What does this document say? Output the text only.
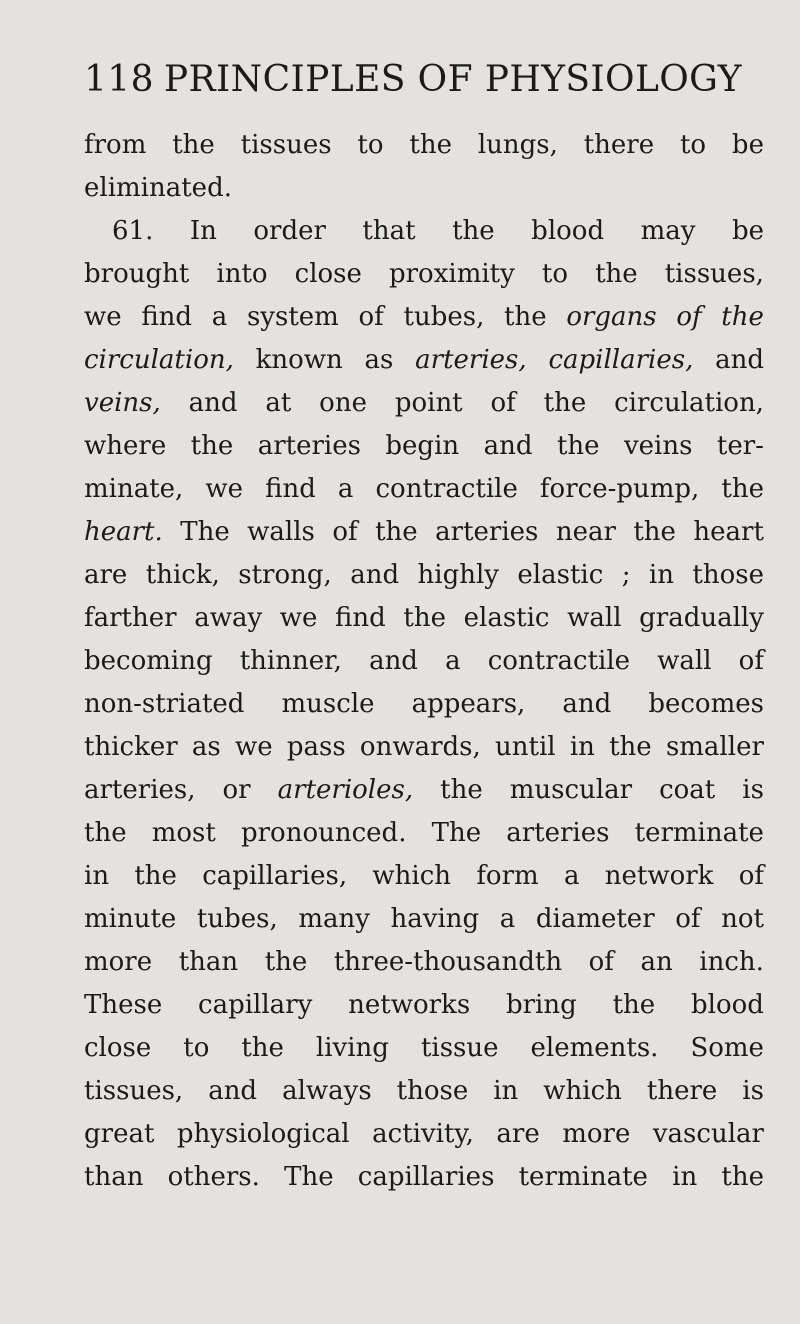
118 PRINCIPLES OF PHYSIOLOGY
from the tissues to the lungs, there to be
eliminated.
61. In order that the blood may be
brought into close proximity to the tissues,
we find a system of tubes, the organs of the
circulation, known as arteries, capillaries, and
veins, and at one point of the circulation,
where the arteries begin and the veins ter-
minate, we find a contractile force-pump, the
heart. The walls of the arteries near the heart
are thick, strong, and highly elastic ; in those
farther away we find the elastic wall gradually
becoming thinner, and a contractile wall of
non-striated muscle appears, and becomes
thicker as we pass onwards, until in the smaller
arteries, or arterioles, the muscular coat is
the most pronounced. The arteries terminate
in the capillaries, which form a network of
minute tubes, many having a diameter of not
more than the three-thousandth of an inch.
These capillary networks bring the blood
close to the living tissue elements. Some
tissues, and always those in which there is
great physiological activity, are more vascular
than others. The capillaries terminate in the
